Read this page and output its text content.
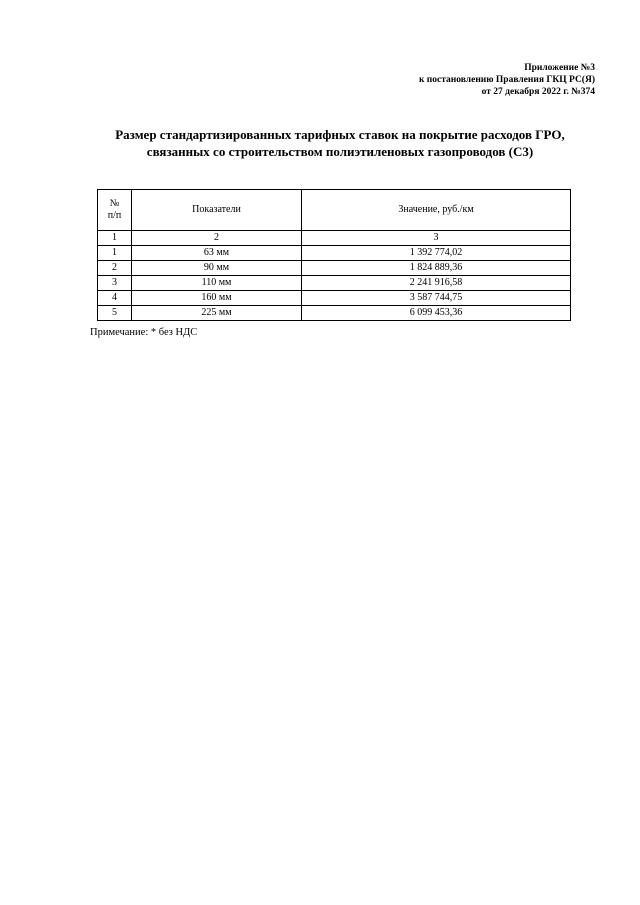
Приложение №3
к постановлению Правления ГКЦ РС(Я)
от 27 декабря 2022 г. №374
Размер стандартизированных тарифных ставок на покрытие расходов ГРО,
связанных со строительством полиэтиленовых газопроводов (С3)
№
п/п	Показатели	Значение, руб./км
1	2	3
1	63 мм	1 392 774,02
2	90 мм	1 824 889,36
3	110 мм	2 241 916,58
4	160 мм	3 587 744,75
5	225 мм	6 099 453,36
Примечание: * без НДС
